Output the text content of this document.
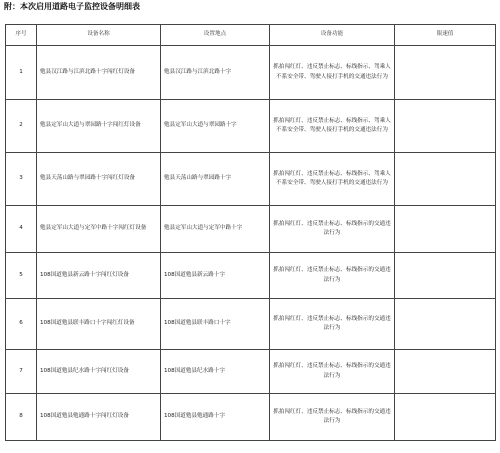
附：本次启用道路电子监控设备明细表
序号	设备名称	设置地点	设备功能	限速值
1	勉县汉江路与江滨北路十字闯红灯设备	勉县汉江路与江滨北路十字	抓拍闯红灯、违反禁止标志、标线指示、驾乘人不系安全带、驾驶人接打手机的交通违法行为	
2	勉县定军山大道与翠园路十字闯红灯设备	勉县定军山大道与翠园路十字	抓拍闯红灯、违反禁止标志、标线指示、驾乘人不系安全带、驾驶人接打手机的交通违法行为	
3	勉县天荡山路与翠园路十字闯红灯设备	勉县天荡山路与翠园路十字	抓拍闯红灯、违反禁止标志、标线指示、驾乘人不系安全带、驾驶人接打手机的交通违法行为	
4	勉县定军山大道与定军中路十字闯红灯设备	勉县定军山大道与定军中路十字	抓拍闯红灯、违反禁止标志、标线指示的交通违法行为	
5	108国道勉县新云路十字闯红灯设备	108国道勉县新云路十字	抓拍闯红灯、违反禁止标志、标线指示的交通违法行为	
6	108国道勉县联丰路口十字闯红灯设备	108国道勉县联丰路口十字	抓拍闯红灯、违反禁止标志、标线指示的交通违法行为	
7	108国道勉县纪水路十字闯红灯设备	108国道勉县纪水路十字	抓拍闯红灯、违反禁止标志、标线指示的交通违法行为	
8	108国道勉县勉通路十字闯红灯设备	108国道勉县勉通路十字	抓拍闯红灯、违反禁止标志、标线指示的交通违法行为	
